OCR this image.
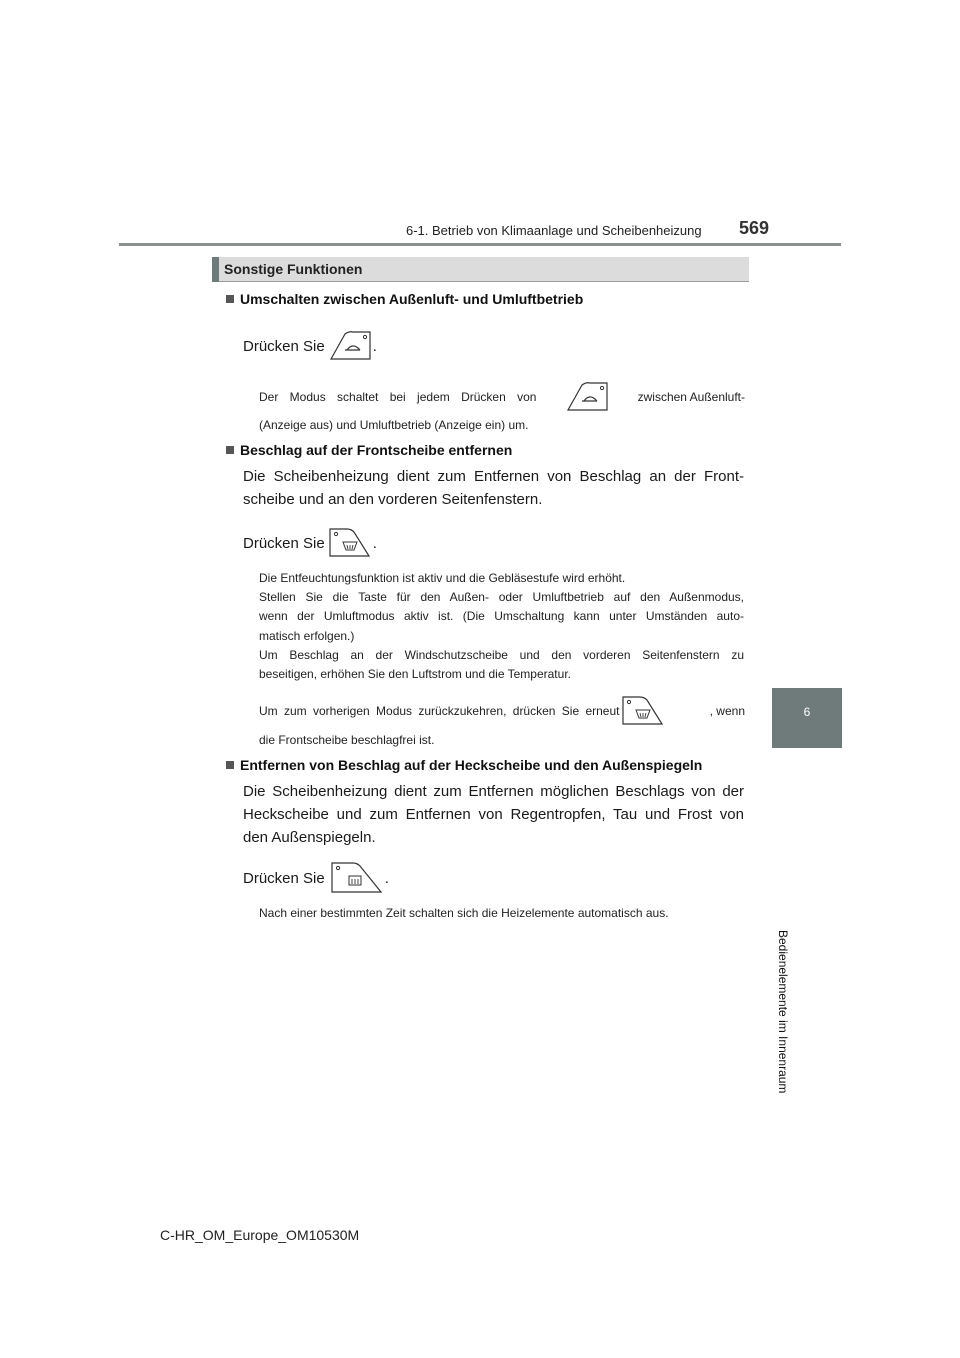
6-1. Betrieb von Klimaanlage und Scheibenheizung 569
6
Bedienelemente im Innenraum
Sonstige Funktionen
Umschalten zwischen Außenluft- und Umluftbetrieb
Drücken Sie	.
Der Modus schaltet bei jedem Drücken von	zwischen Außenluft-
(Anzeige aus) und Umluftbetrieb (Anzeige ein) um.
Beschlag auf der Frontscheibe entfernen
Die Scheibenheizung dient zum Entfernen von Beschlag an der Front-
scheibe und an den vorderen Seitenfenstern.
Drücken Sie	.
Die Entfeuchtungsfunktion ist aktiv und die Gebläsestufe wird erhöht.
Stellen Sie die Taste für den Außen- oder Umluftbetrieb auf den Außenmodus,
wenn der Umluftmodus aktiv ist. (Die Umschaltung kann unter Umständen auto-
matisch erfolgen.)
Um Beschlag an der Windschutzscheibe und den vorderen Seitenfenstern zu
beseitigen, erhöhen Sie den Luftstrom und die Temperatur.
Um zum vorherigen Modus zurückzukehren, drücken Sie erneut	, wenn
die Frontscheibe beschlagfrei ist.
Entfernen von Beschlag auf der Heckscheibe und den Außenspiegeln
Die Scheibenheizung dient zum Entfernen möglichen Beschlags von der
Heckscheibe und zum Entfernen von Regentropfen, Tau und Frost von
den Außenspiegeln.
Drücken Sie	.
Nach einer bestimmten Zeit schalten sich die Heizelemente automatisch aus.
C-HR_OM_Europe_OM10530M
